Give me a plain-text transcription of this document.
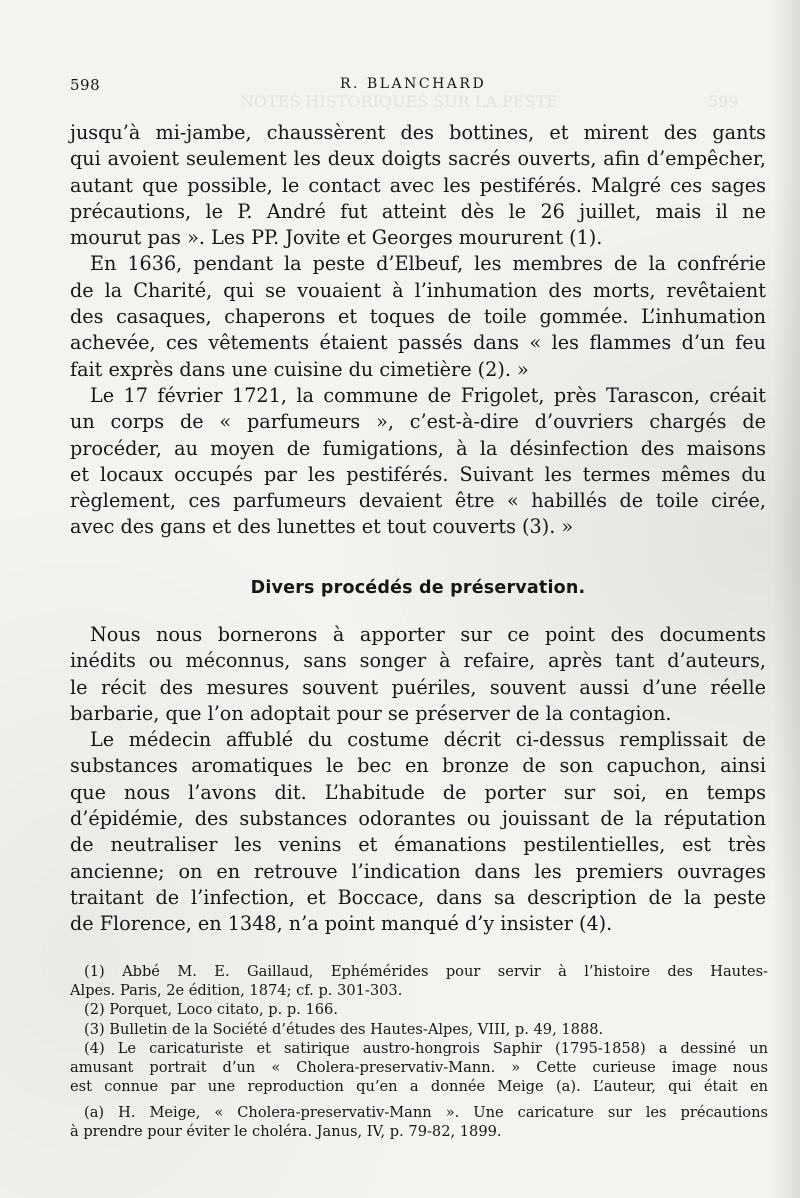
NOTES HISTORIQUES SUR LA PESTE	599
598	R. BLANCHARD
jusqu’à mi-jambe, chaussèrent des bottines, et mirent des gants
qui avoient seulement les deux doigts sacrés ouverts, afin d’empêcher,
autant que possible, le contact avec les pestiférés. Malgré ces sages
précautions, le P. André fut atteint dès le 26 juillet, mais il ne
mourut pas ». Les PP. Jovite et Georges moururent (1).
En 1636, pendant la peste d’Elbeuf, les membres de la confrérie
de la Charité, qui se vouaient à l’inhumation des morts, revêtaient
des casaques, chaperons et toques de toile gommée. L’inhumation
achevée, ces vêtements étaient passés dans « les flammes d’un feu
fait exprès dans une cuisine du cimetière (2). »
Le 17 février 1721, la commune de Frigolet, près Tarascon, créait
un corps de « parfumeurs », c’est-à-dire d’ouvriers chargés de
procéder, au moyen de fumigations, à la désinfection des maisons
et locaux occupés par les pestiférés. Suivant les termes mêmes du
règlement, ces parfumeurs devaient être « habillés de toile cirée,
avec des gans et des lunettes et tout couverts (3). »
Divers procédés de préservation.
Nous nous bornerons à apporter sur ce point des documents
inédits ou méconnus, sans songer à refaire, après tant d’auteurs,
le récit des mesures souvent puériles, souvent aussi d’une réelle
barbarie, que l’on adoptait pour se préserver de la contagion.
Le médecin affublé du costume décrit ci-dessus remplissait de
substances aromatiques le bec en bronze de son capuchon, ainsi
que nous l’avons dit. L’habitude de porter sur soi, en temps
d’épidémie, des substances odorantes ou jouissant de la réputation
de neutraliser les venins et émanations pestilentielles, est très
ancienne; on en retrouve l’indication dans les premiers ouvrages
traitant de l’infection, et Boccace, dans sa description de la peste
de Florence, en 1348, n’a point manqué d’y insister (4).
(1) Abbé M. E. Gaillaud, Ephémérides pour servir à l’histoire des Hautes-
Alpes. Paris, 2e édition, 1874; cf. p. 301-303.
(2) Porquet, Loco citato, p. p. 166.
(3) Bulletin de la Société d’études des Hautes-Alpes, VIII, p. 49, 1888.
(4) Le caricaturiste et satirique austro-hongrois Saphir (1795-1858) a dessiné un
amusant portrait d’un « Cholera-preservativ-Mann. » Cette curieuse image nous
est connue par une reproduction qu’en a donnée Meige (a). L’auteur, qui était en
(a) H. Meige, « Cholera-preservativ-Mann ». Une caricature sur les précautions
à prendre pour éviter le choléra. Janus, IV, p. 79-82, 1899.
